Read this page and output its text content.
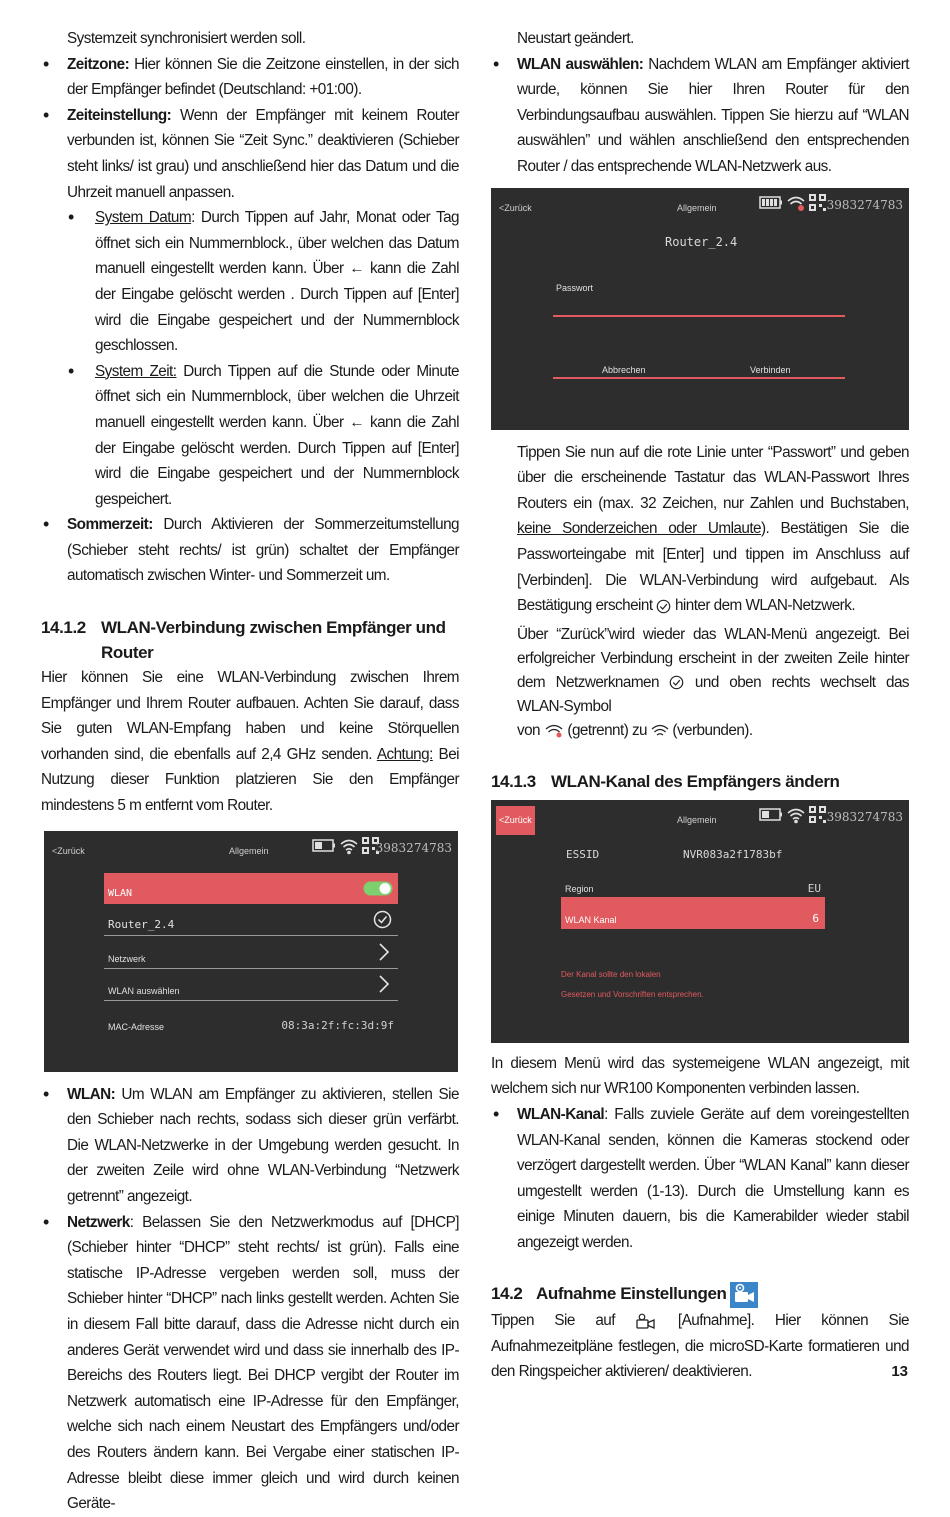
Systemzeit synchronisiert werden soll.

• Zeitzone: Hier können Sie die Zeitzone einstellen, in der sich der Empfänger befindet (Deutschland: +01:00).

• Zeiteinstellung: Wenn der Empfänger mit keinem Router verbunden ist, können Sie “Zeit Sync.” deaktivieren (Schieber steht links/ ist grau) und anschließend hier das Datum und die Uhrzeit manuell anpassen.

• System Datum: Durch Tippen auf Jahr, Monat oder Tag öffnet sich ein Nummernblock., über welchen das Datum manuell eingestellt werden kann. Über ← kann die Zahl der Eingabe gelöscht werden . Durch Tippen auf [Enter] wird die Eingabe gespeichert und der Nummernblock geschlossen.

• System Zeit: Durch Tippen auf die Stunde oder Minute öffnet sich ein Nummernblock, über welchen die Uhrzeit manuell eingestellt werden kann. Über ← kann die Zahl der Eingabe gelöscht werden. Durch Tippen auf [Enter] wird die Eingabe gespeichert und der Nummernblock gespeichert.

• Sommerzeit: Durch Aktivieren der Sommerzeitumstellung (Schieber steht rechts/ ist grün) schaltet der Empfänger automatisch zwischen Winter- und Sommerzeit um.

14.1.2 WLAN-Verbindung zwischen Empfänger und
Router

Hier können Sie eine WLAN-Verbindung zwischen Ihrem Empfänger und Ihrem Router aufbauen. Achten Sie darauf, dass Sie guten WLAN-Empfang haben und keine Störquellen vorhanden sind, die ebenfalls auf 2,4 GHz senden. Achtung: Bei Nutzung dieser Funktion platzieren Sie den Empfänger mindestens 5 m entfernt vom Router.

<Zurück	Allgemein	3983274783
WLAN
Router_2.4
Netzwerk
WLAN auswählen
MAC-Adresse	08:3a:2f:fc:3d:9f

• WLAN: Um WLAN am Empfänger zu aktivieren, stellen Sie den Schieber nach rechts, sodass sich dieser grün verfärbt. Die WLAN-Netzwerke in der Umgebung werden gesucht. In der zweiten Zeile wird ohne WLAN-Verbindung “Netzwerk getrennt” angezeigt.

• Netzwerk: Belassen Sie den Netzwerkmodus auf [DHCP] (Schieber hinter “DHCP” steht rechts/ ist grün). Falls eine statische IP-Adresse vergeben werden soll, muss der Schieber hinter “DHCP” nach links gestellt werden. Achten Sie in diesem Fall bitte darauf, dass die Adresse nicht durch ein anderes Gerät verwendet wird und dass sie innerhalb des IP-Bereichs des Routers liegt. Bei DHCP vergibt der Router im Netzwerk automatisch eine IP-Adresse für den Empfänger, welche sich nach einem Neustart des Empfängers und/oder des Routers ändern kann. Bei Vergabe einer statischen IP-Adresse bleibt diese immer gleich und wird durch keinen Geräte-

Neustart geändert.

• WLAN auswählen: Nachdem WLAN am Empfänger aktiviert wurde, können Sie hier Ihren Router für den Verbindungsaufbau auswählen. Tippen Sie hierzu auf “WLAN auswählen” und wählen anschließend den entsprechenden Router / das entsprechende WLAN-Netzwerk aus.

<Zurück	Allgemein	3983274783
Router_2.4
Passwort
Abbrechen	Verbinden

Tippen Sie nun auf die rote Linie unter “Passwort” und geben über die erscheinende Tastatur das WLAN-Passwort Ihres Routers ein (max. 32 Zeichen, nur Zahlen und Buchstaben, keine Sonderzeichen oder Umlaute). Bestätigen Sie die Passworteingabe mit [Enter] und tippen im Anschluss auf [Verbinden]. Die WLAN-Verbindung wird aufgebaut. Als Bestätigung erscheint  hinter dem WLAN-Netzwerk.

Über “Zurück”wird wieder das WLAN-Menü angezeigt. Bei erfolgreicher Verbindung erscheint in der zweiten Zeile hinter dem Netzwerknamen  und oben rechts wechselt das WLAN-Symbol
von  (getrennt) zu  (verbunden).

14.1.3 WLAN-Kanal des Empfängers ändern
<Zurück	Allgemein	3983274783
ESSID	NVR083a2f1783bf
Region	EU
WLAN Kanal	6
Der Kanal sollte den lokalen
Gesetzen und Vorschriften entsprechen.

In diesem Menü wird das systemeigene WLAN angezeigt, mit welchem sich nur WR100 Komponenten verbinden lassen.

• WLAN-Kanal: Falls zuviele Geräte auf dem voreingestellten WLAN-Kanal senden, können die Kameras stockend oder verzögert dargestellt werden. Über “WLAN Kanal” kann dieser umgestellt werden (1-13). Durch die Umstellung kann es einige Minuten dauern, bis die Kamerabilder wieder stabil angezeigt werden.

14.2 Aufnahme Einstellungen

Tippen Sie auf  [Aufnahme]. Hier können Sie Aufnahmezeitpläne festlegen, die microSD-Karte formatieren und den Ringspeicher aktivieren/ deaktivieren.	13
